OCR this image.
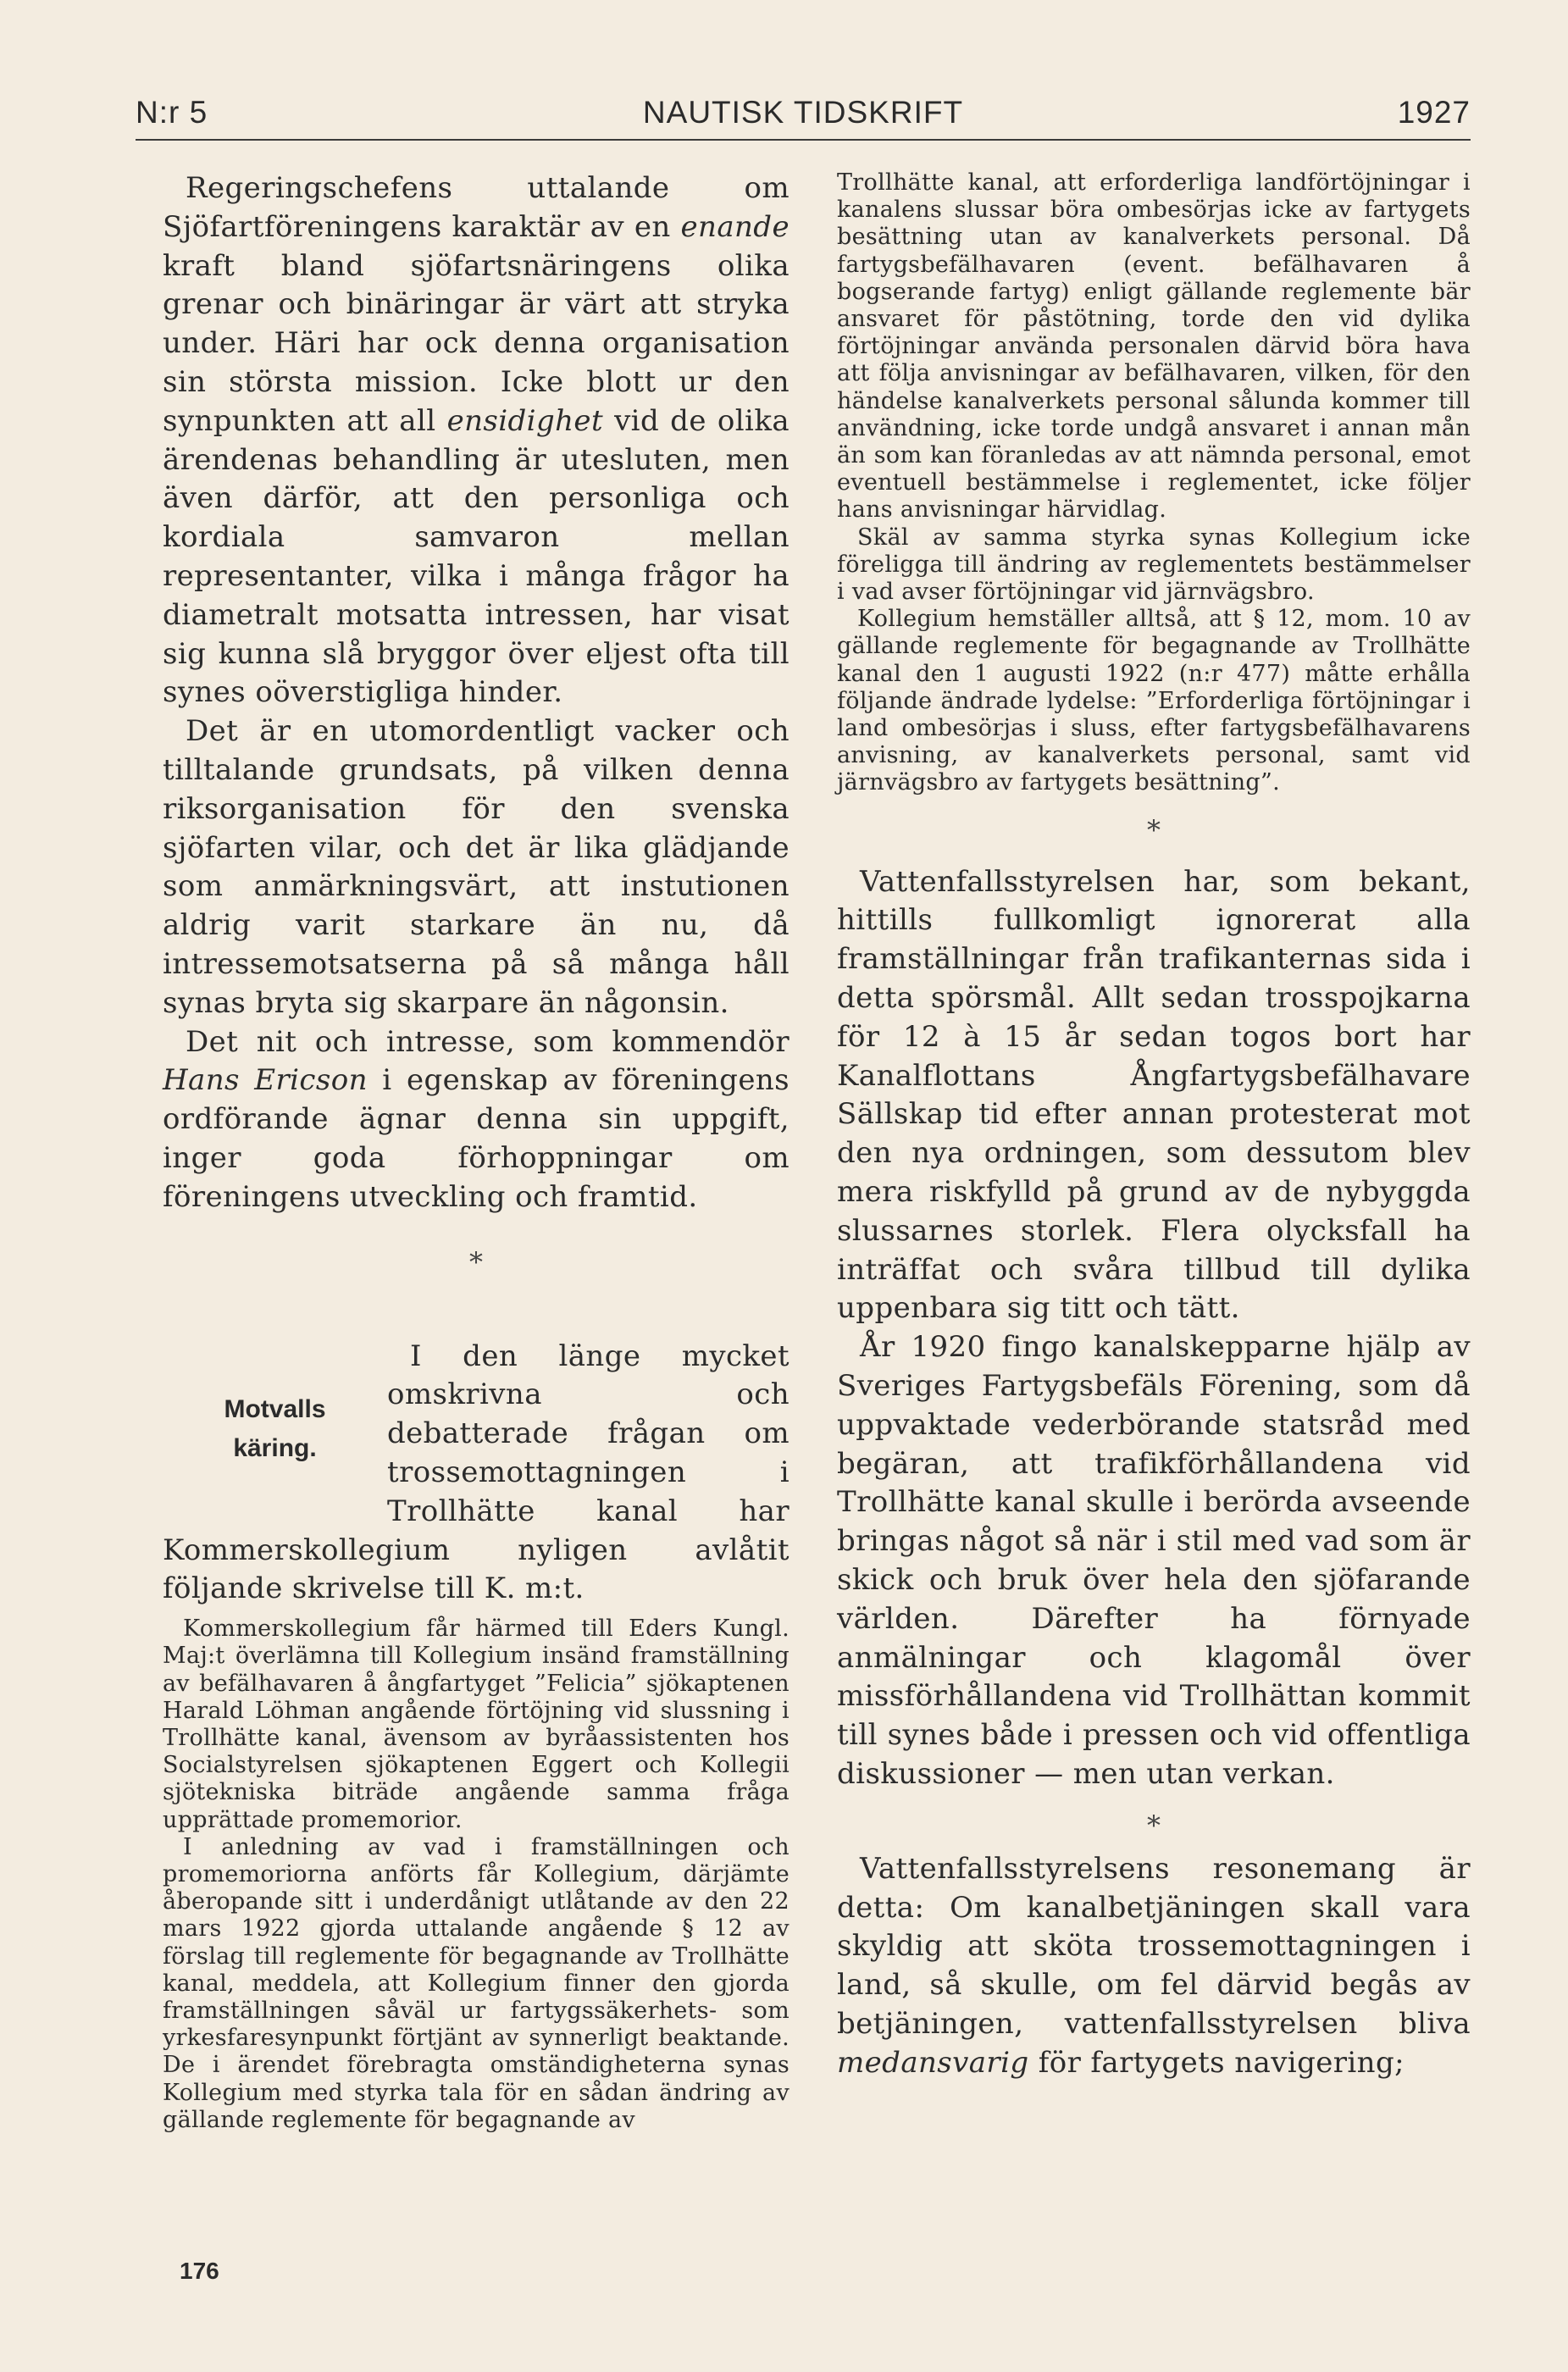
N:r 5	NAUTISK TIDSKRIFT	1927

Regeringschefens uttalande om Sjöfartföreningens karaktär av en enande kraft bland sjöfartsnäringens olika grenar och binäringar är värt att stryka under. Häri har ock denna organisation sin största mission. Icke blott ur den synpunkten att all ensidighet vid de olika ärendenas behandling är utesluten, men även därför, att den personliga och kordiala samvaron mellan representanter, vilka i många frågor ha diametralt motsatta intressen, har visat sig kunna slå bryggor över eljest ofta till synes oöverstigliga hinder.

Det är en utomordentligt vacker och tilltalande grundsats, på vilken denna riksorganisation för den svenska sjöfarten vilar, och det är lika glädjande som anmärkningsvärt, att instutionen aldrig varit starkare än nu, då intressemotsatserna på så många håll synas bryta sig skarpare än någonsin.

Det nit och intresse, som kommendör Hans Ericson i egenskap av föreningens ordförande ägnar denna sin uppgift, inger goda förhoppningar om föreningens utveckling och framtid.

*

Motvalls
käring.

I den länge mycket omskrivna och debatterade frågan om trossemottagningen i Trollhätte kanal har Kommerskollegium nyligen avlåtit följande skrivelse till K. m:t.

Kommerskollegium får härmed till Eders Kungl. Maj:t överlämna till Kollegium insänd framställning av befälhavaren å ångfartyget ”Felicia” sjökaptenen Harald Löhman angående förtöjning vid slussning i Trollhätte kanal, ävensom av byråassistenten hos Socialstyrelsen sjökaptenen Eggert och Kollegii sjötekniska biträde angående samma fråga upprättade promemorior.

I anledning av vad i framställningen och promemoriorna anförts får Kollegium, därjämte åberopande sitt i underdånigt utlåtande av den 22 mars 1922 gjorda uttalande angående § 12 av förslag till reglemente för begagnande av Trollhätte kanal, meddela, att Kollegium finner den gjorda framställningen såväl ur fartygssäkerhets- som yrkesfaresynpunkt förtjänt av synnerligt beaktande. De i ärendet förebragta omständigheterna synas Kollegium med styrka tala för en sådan ändring av gällande reglemente för begagnande av

Trollhätte kanal, att erforderliga landförtöjningar i kanalens slussar böra ombesörjas icke av fartygets besättning utan av kanalverkets personal. Då fartygsbefälhavaren (event. befälhavaren å bogserande fartyg) enligt gällande reglemente bär ansvaret för påstötning, torde den vid dylika förtöjningar använda personalen därvid böra hava att följa anvisningar av befälhavaren, vilken, för den händelse kanalverkets personal sålunda kommer till användning, icke torde undgå ansvaret i annan mån än som kan föranledas av att nämnda personal, emot eventuell bestämmelse i reglementet, icke följer hans anvisningar härvidlag.

Skäl av samma styrka synas Kollegium icke föreligga till ändring av reglementets bestämmelser i vad avser förtöjningar vid järnvägsbro.

Kollegium hemställer alltså, att § 12, mom. 10 av gällande reglemente för begagnande av Trollhätte kanal den 1 augusti 1922 (n:r 477) måtte erhålla följande ändrade lydelse: ”Erforderliga förtöjningar i land ombesörjas i sluss, efter fartygsbefälhavarens anvisning, av kanalverkets personal, samt vid järnvägsbro av fartygets besättning”.

*

Vattenfallsstyrelsen har, som bekant, hittills fullkomligt ignorerat alla framställningar från trafikanternas sida i detta spörsmål. Allt sedan trosspojkarna för 12 à 15 år sedan togos bort har Kanalflottans Ångfartygsbefälhavare Sällskap tid efter annan protesterat mot den nya ordningen, som dessutom blev mera riskfylld på grund av de nybyggda slussarnes storlek. Flera olycksfall ha inträffat och svåra tillbud till dylika uppenbara sig titt och tätt.

År 1920 fingo kanalskepparne hjälp av Sveriges Fartygsbefäls Förening, som då uppvaktade vederbörande statsråd med begäran, att trafikförhållandena vid Trollhätte kanal skulle i berörda avseende bringas något så när i stil med vad som är skick och bruk över hela den sjöfarande världen. Därefter ha förnyade anmälningar och klagomål över missförhållandena vid Trollhättan kommit till synes både i pressen och vid offentliga diskussioner — men utan verkan.

*

Vattenfallsstyrelsens resonemang är detta: Om kanalbetjäningen skall vara skyldig att sköta trossemottagningen i land, så skulle, om fel därvid begås av betjäningen, vattenfallsstyrelsen bliva medansvarig för fartygets navigering;

176
